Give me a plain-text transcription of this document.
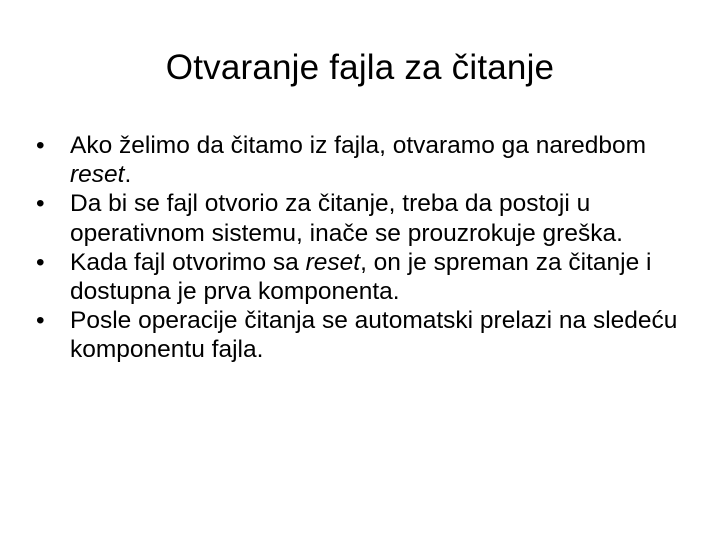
Otvaranje fajla za čitanje
•	Ako želimo da čitamo iz fajla, otvaramo ga naredbom reset.
•	Da bi se fajl otvorio za čitanje, treba da postoji u operativnom sistemu, inače se prouzrokuje greška.
•	Kada fajl otvorimo sa reset, on je spreman za čitanje i dostupna je prva komponenta.
•	Posle operacije čitanja se automatski prelazi na sledeću komponentu fajla.
